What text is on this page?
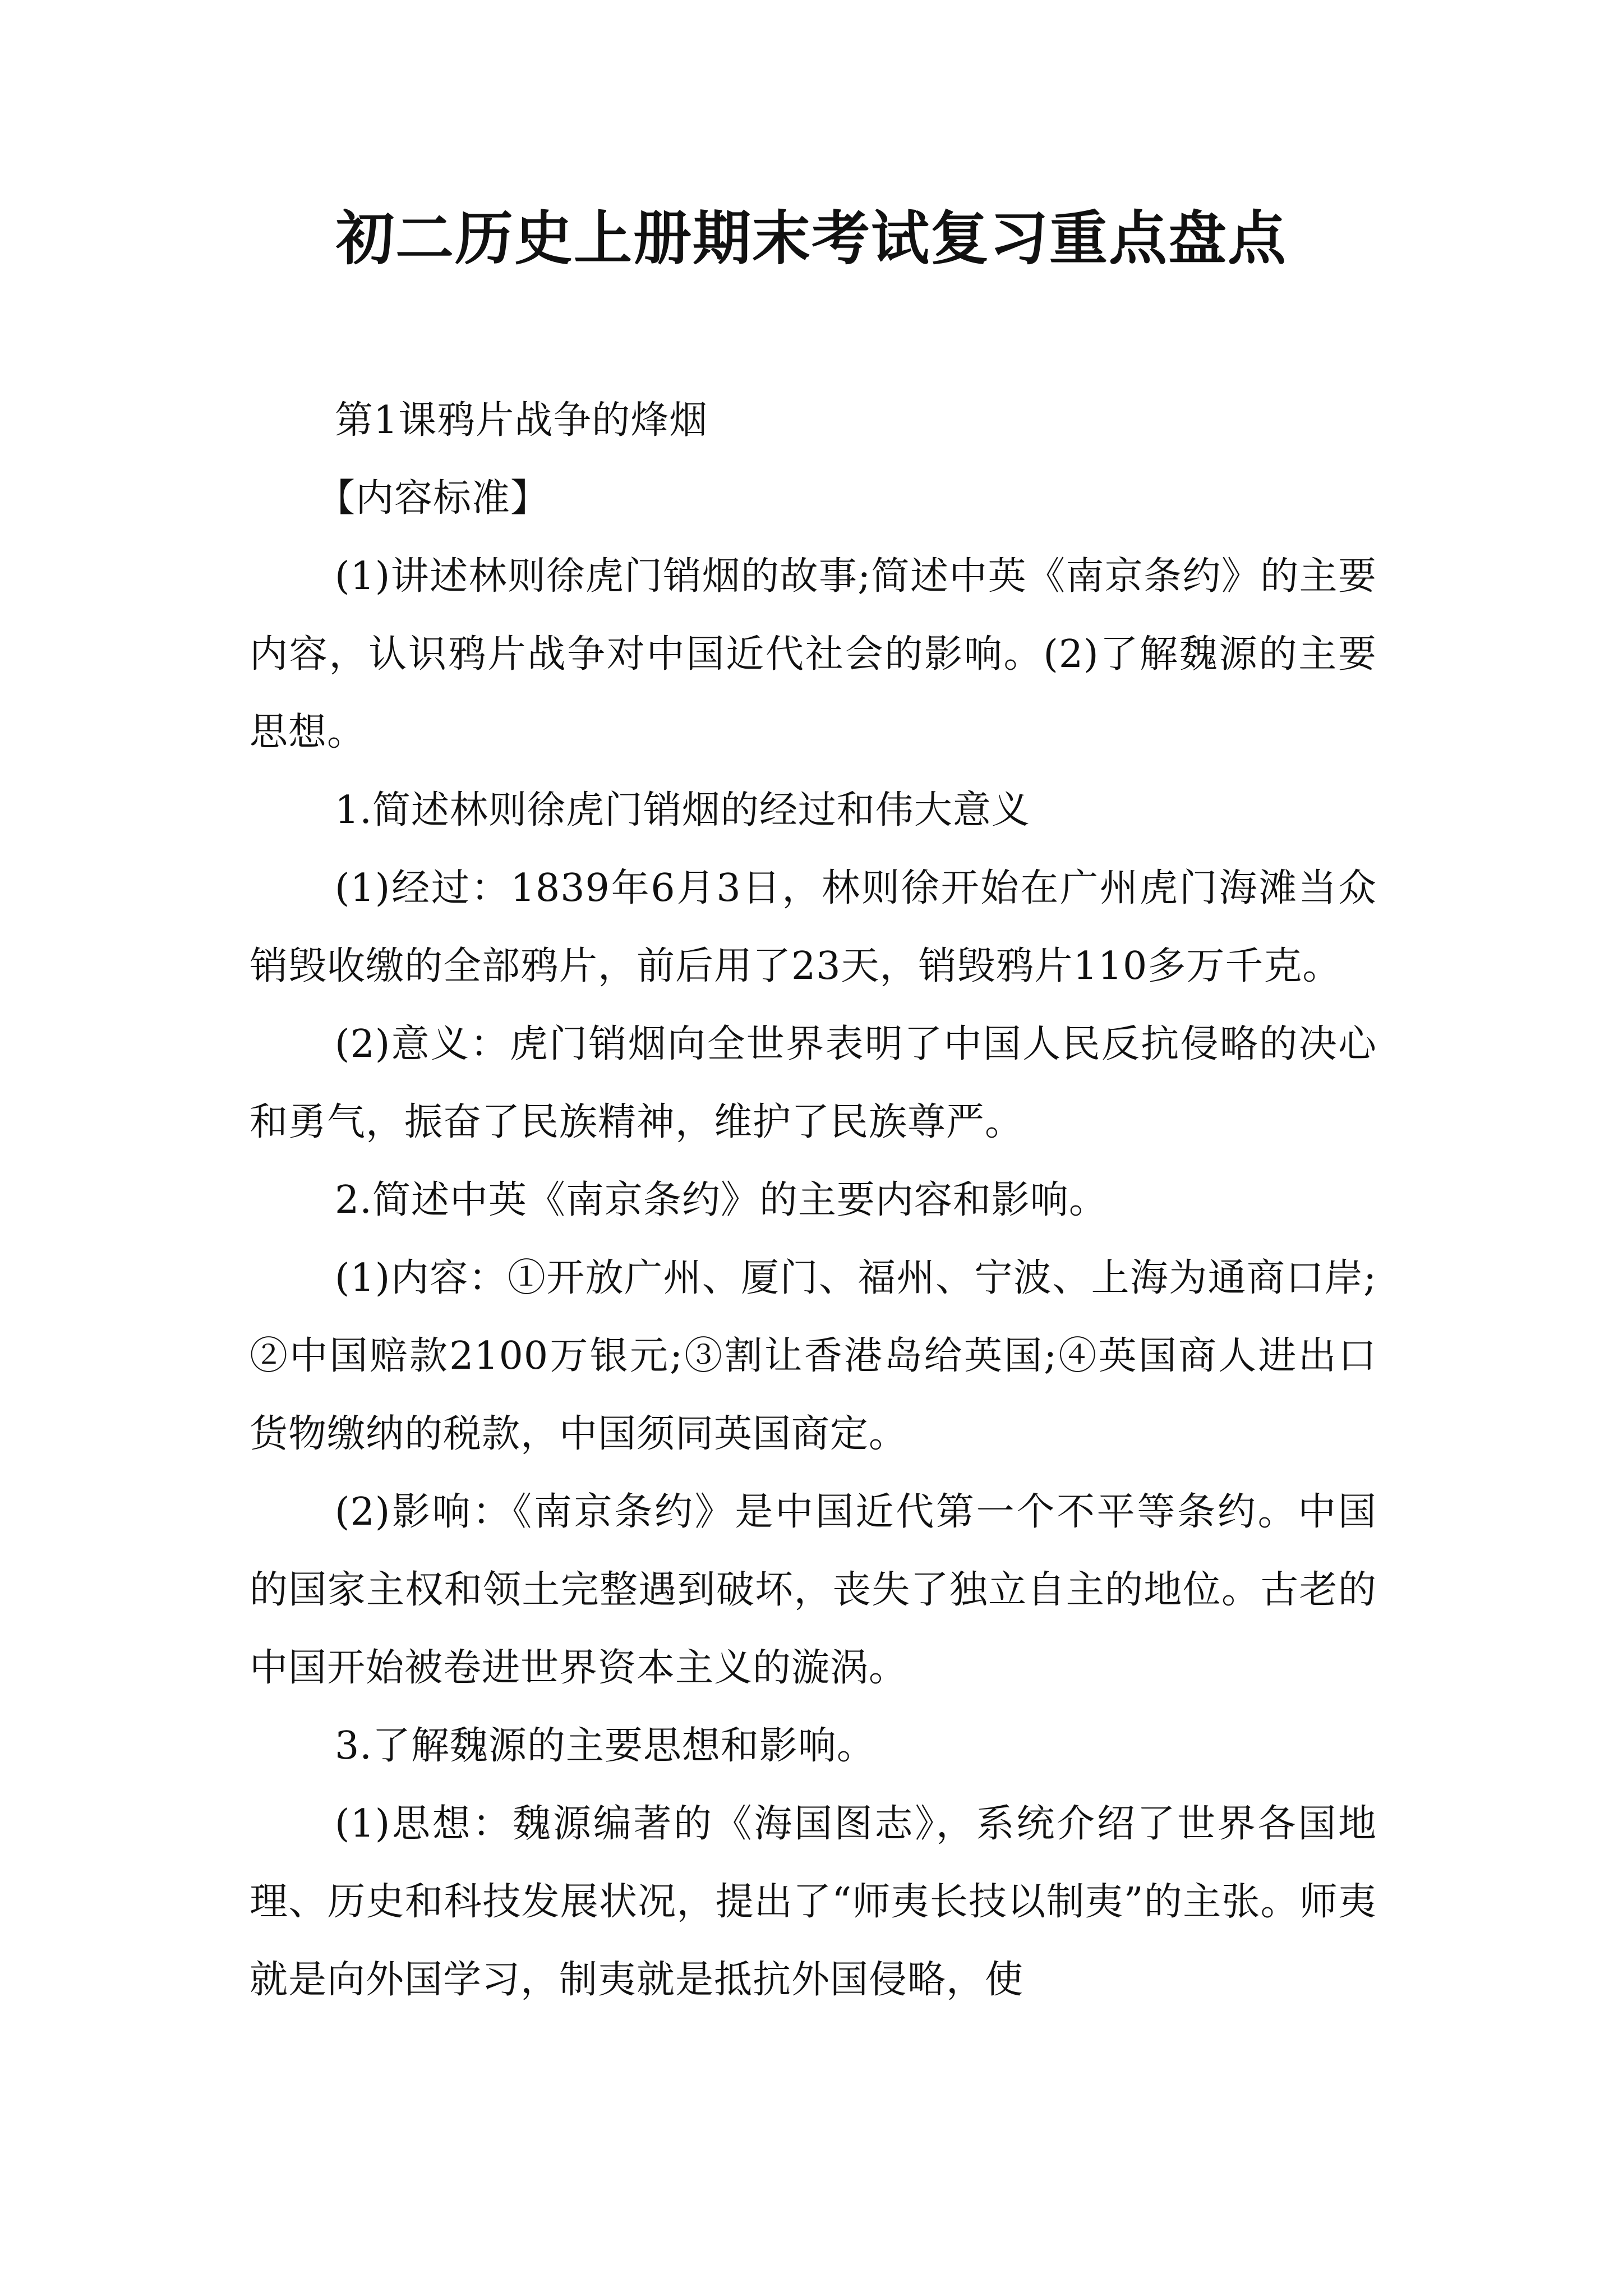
初二历史上册期末考试复习重点盘点

第1课鸦片战争的烽烟

【内容标准】

(1)讲述林则徐虎门销烟的故事;简述中英《南京条约》的主要内容，认识鸦片战争对中国近代社会的影响。(2)了解魏源的主要思想。

1.简述林则徐虎门销烟的经过和伟大意义

(1)经过：1839年6月3日，林则徐开始在广州虎门海滩当众销毁收缴的全部鸦片，前后用了23天，销毁鸦片110多万千克。

(2)意义：虎门销烟向全世界表明了中国人民反抗侵略的决心和勇气，振奋了民族精神，维护了民族尊严。

2.简述中英《南京条约》的主要内容和影响。

(1)内容：①开放广州、厦门、福州、宁波、上海为通商口岸;②中国赔款2100万银元;③割让香港岛给英国;④英国商人进出口货物缴纳的税款，中国须同英国商定。

(2)影响：《南京条约》是中国近代第一个不平等条约。中国的国家主权和领土完整遇到破坏，丧失了独立自主的地位。古老的中国开始被卷进世界资本主义的漩涡。

3.了解魏源的主要思想和影响。

(1)思想：魏源编著的《海国图志》，系统介绍了世界各国地理、历史和科技发展状况，提出了“师夷长技以制夷”的主张。师夷就是向外国学习，制夷就是抵抗外国侵略，使
